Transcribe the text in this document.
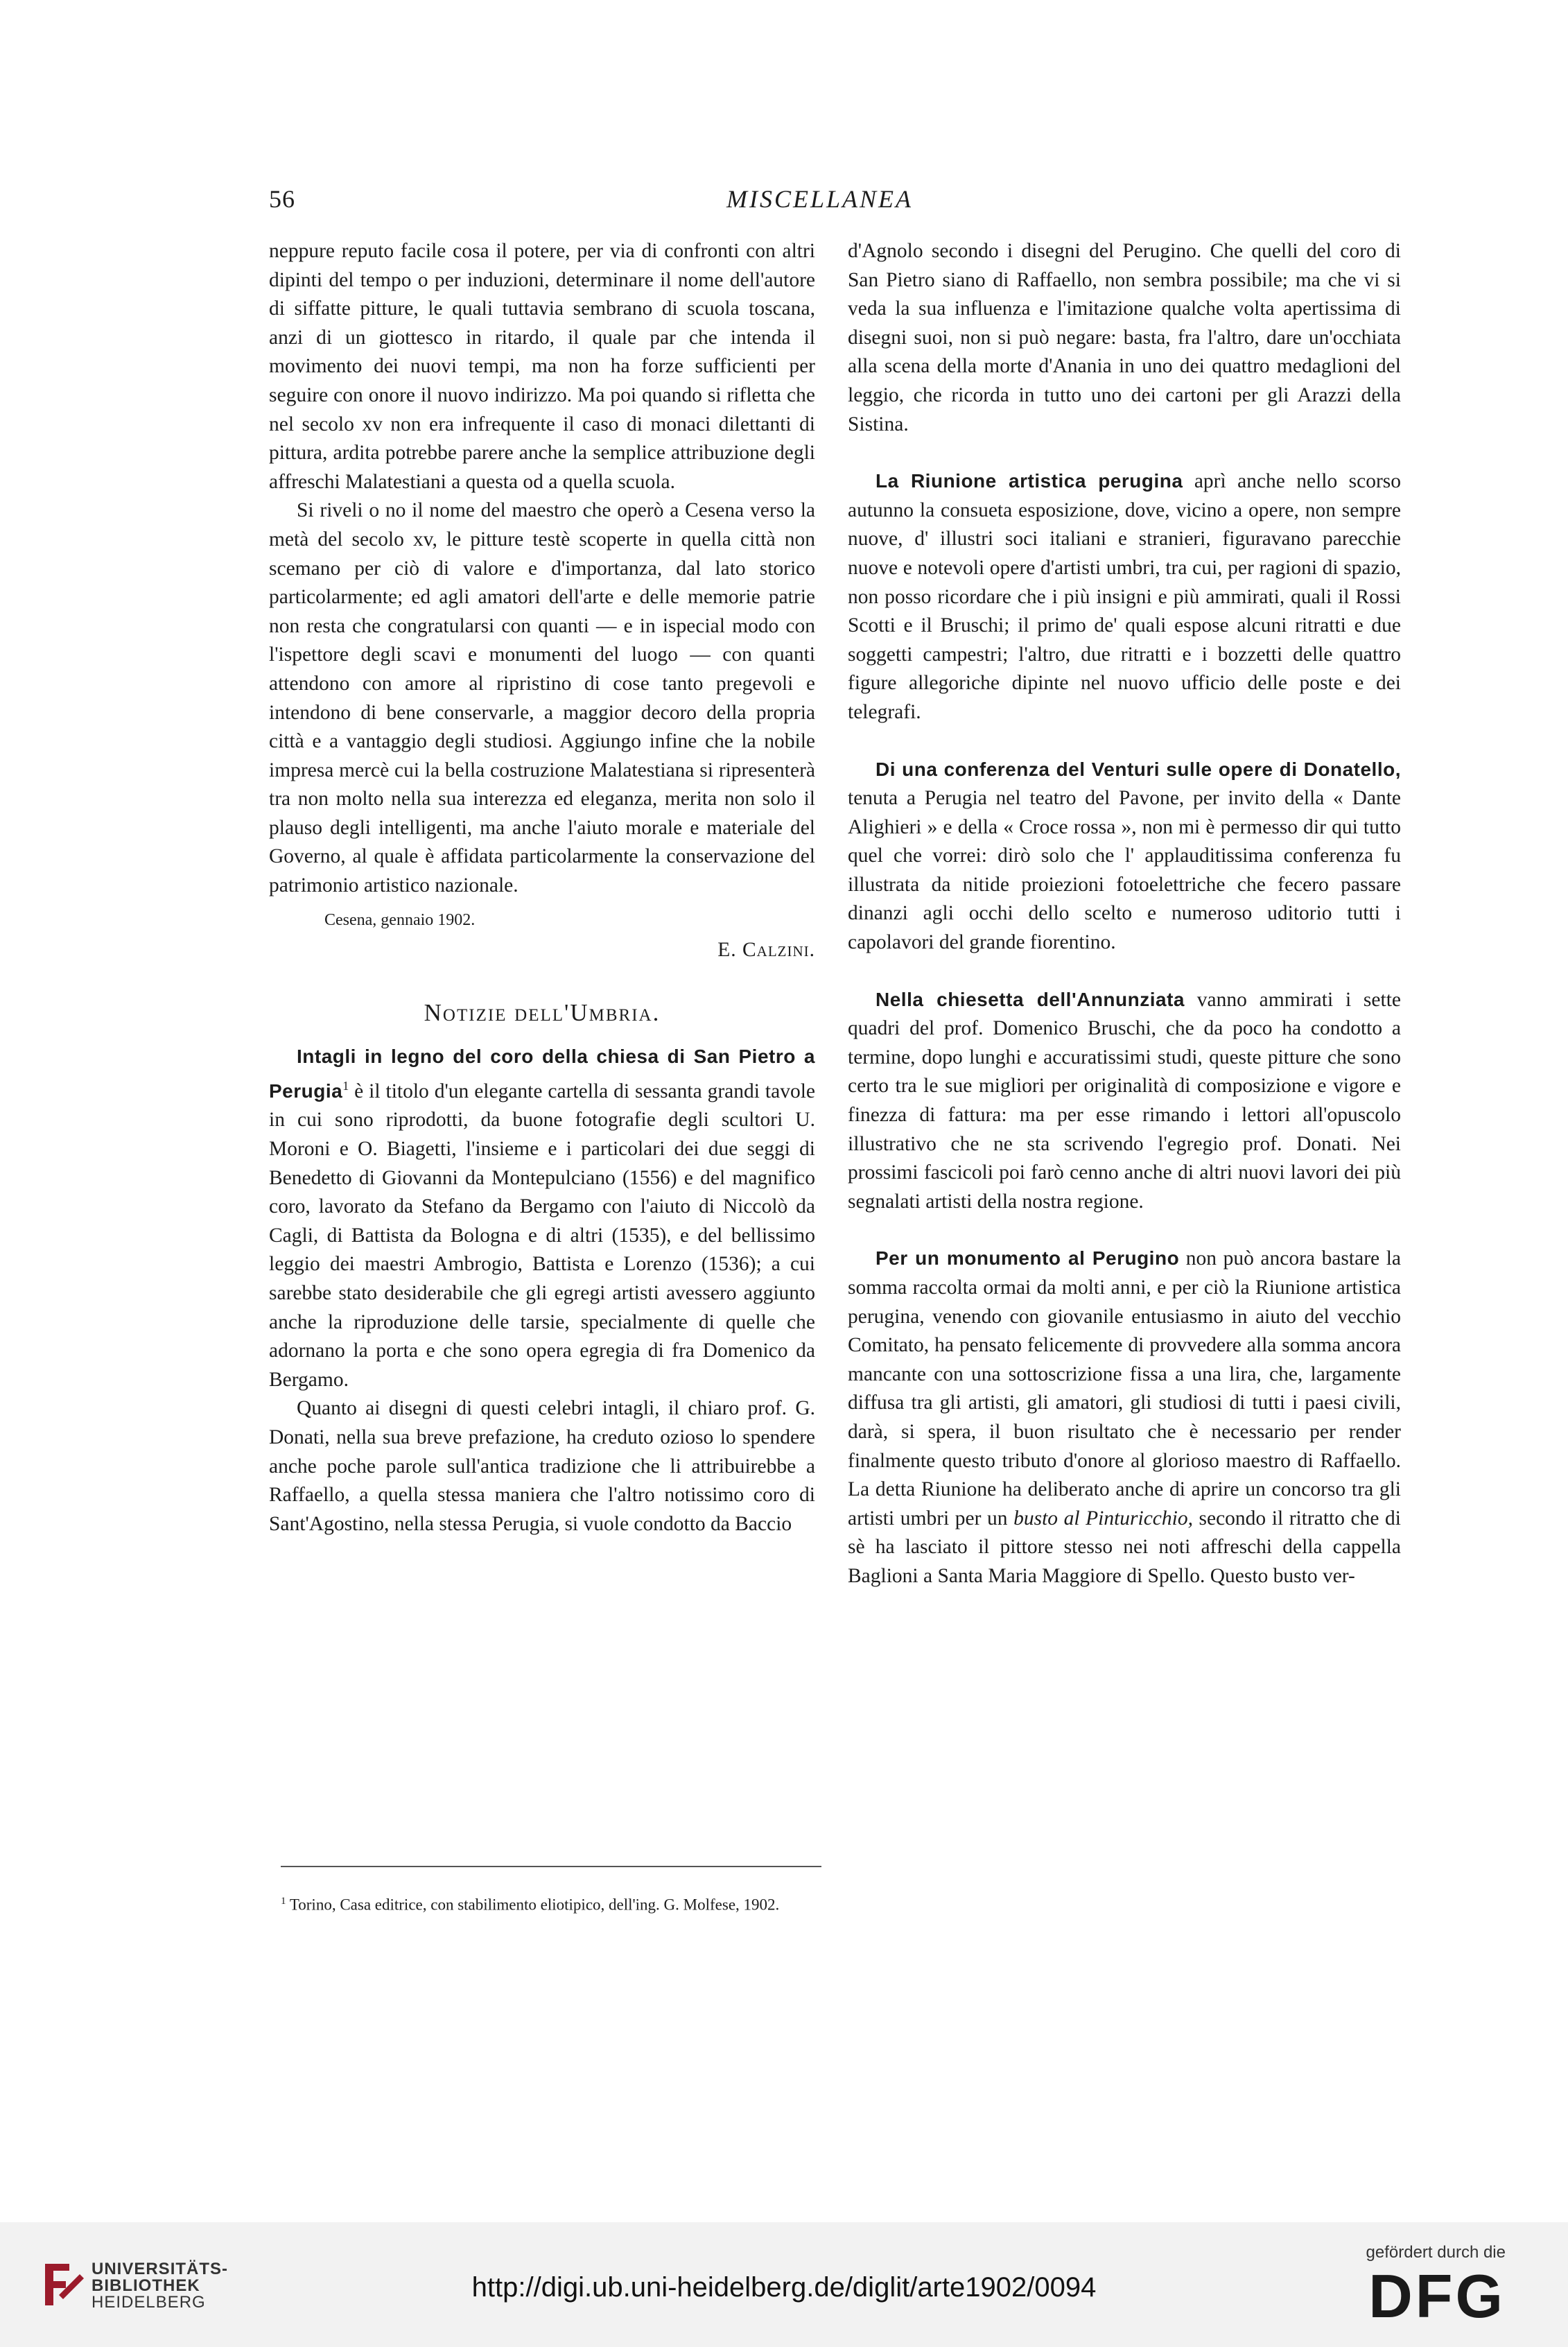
56	MISCELLANEA

neppure reputo facile cosa il potere, per via di confronti con altri dipinti del tempo o per induzioni, determinare il nome dell'autore di siffatte pitture, le quali tuttavia sembrano di scuola toscana, anzi di un giottesco in ritardo, il quale par che intenda il movimento dei nuovi tempi, ma non ha forze sufficienti per seguire con onore il nuovo indirizzo. Ma poi quando si rifletta che nel secolo xv non era infrequente il caso di monaci dilettanti di pittura, ardita potrebbe parere anche la semplice attribuzione degli affreschi Malatestiani a questa od a quella scuola.

Si riveli o no il nome del maestro che operò a Cesena verso la metà del secolo xv, le pitture testè scoperte in quella città non scemano per ciò di valore e d'importanza, dal lato storico particolarmente; ed agli amatori dell'arte e delle memorie patrie non resta che congratularsi con quanti — e in ispecial modo con l'ispettore degli scavi e monumenti del luogo — con quanti attendono con amore al ripristino di cose tanto pregevoli e intendono di bene conservarle, a maggior decoro della propria città e a vantaggio degli studiosi. Aggiungo infine che la nobile impresa mercè cui la bella costruzione Malatestiana si ripresenterà tra non molto nella sua interezza ed eleganza, merita non solo il plauso degli intelligenti, ma anche l'aiuto morale e materiale del Governo, al quale è affidata particolarmente la conservazione del patrimonio artistico nazionale.

Cesena, gennaio 1902.

E. Calzini.

Notizie dell'Umbria.

Intagli in legno del coro della chiesa di San Pietro a Perugia$^1$ è il titolo d'un elegante cartella di sessanta grandi tavole in cui sono riprodotti, da buone fotografie degli scultori U. Moroni e O. Biagetti, l'insieme e i particolari dei due seggi di Benedetto di Giovanni da Montepulciano (1556) e del magnifico coro, lavorato da Stefano da Bergamo con l'aiuto di Niccolò da Cagli, di Battista da Bologna e di altri (1535), e del bellissimo leggio dei maestri Ambrogio, Battista e Lorenzo (1536); a cui sarebbe stato desiderabile che gli egregi artisti avessero aggiunto anche la riproduzione delle tarsie, specialmente di quelle che adornano la porta e che sono opera egregia di fra Domenico da Bergamo.

Quanto ai disegni di questi celebri intagli, il chiaro prof. G. Donati, nella sua breve prefazione, ha creduto ozioso lo spendere anche poche parole sull'antica tradizione che li attribuirebbe a Raffaello, a quella stessa maniera che l'altro notissimo coro di Sant'Agostino, nella stessa Perugia, si vuole condotto da Baccio

d'Agnolo secondo i disegni del Perugino. Che quelli del coro di San Pietro siano di Raffaello, non sembra possibile; ma che vi si veda la sua influenza e l'imitazione qualche volta apertissima di disegni suoi, non si può negare: basta, fra l'altro, dare un'occhiata alla scena della morte d'Anania in uno dei quattro medaglioni del leggio, che ricorda in tutto uno dei cartoni per gli Arazzi della Sistina.

La Riunione artistica perugina aprì anche nello scorso autunno la consueta esposizione, dove, vicino a opere, non sempre nuove, d' illustri soci italiani e stranieri, figuravano parecchie nuove e notevoli opere d'artisti umbri, tra cui, per ragioni di spazio, non posso ricordare che i più insigni e più ammirati, quali il Rossi Scotti e il Bruschi; il primo de' quali espose alcuni ritratti e due soggetti campestri; l'altro, due ritratti e i bozzetti delle quattro figure allegoriche dipinte nel nuovo ufficio delle poste e dei telegrafi.

Di una conferenza del Venturi sulle opere di Donatello, tenuta a Perugia nel teatro del Pavone, per invito della « Dante Alighieri » e della « Croce rossa », non mi è permesso dir qui tutto quel che vorrei: dirò solo che l' applauditissima conferenza fu illustrata da nitide proiezioni fotoelettriche che fecero passare dinanzi agli occhi dello scelto e numeroso uditorio tutti i capolavori del grande fiorentino.

Nella chiesetta dell'Annunziata vanno ammirati i sette quadri del prof. Domenico Bruschi, che da poco ha condotto a termine, dopo lunghi e accuratissimi studi, queste pitture che sono certo tra le sue migliori per originalità di composizione e vigore e finezza di fattura: ma per esse rimando i lettori all'opuscolo illustrativo che ne sta scrivendo l'egregio prof. Donati. Nei prossimi fascicoli poi farò cenno anche di altri nuovi lavori dei più segnalati artisti della nostra regione.

Per un monumento al Perugino non può ancora bastare la somma raccolta ormai da molti anni, e per ciò la Riunione artistica perugina, venendo con giovanile entusiasmo in aiuto del vecchio Comitato, ha pensato felicemente di provvedere alla somma ancora mancante con una sottoscrizione fissa a una lira, che, largamente diffusa tra gli artisti, gli amatori, gli studiosi di tutti i paesi civili, darà, si spera, il buon risultato che è necessario per render finalmente questo tributo d'onore al glorioso maestro di Raffaello. La detta Riunione ha deliberato anche di aprire un concorso tra gli artisti umbri per un busto al Pinturicchio, secondo il ritratto che di sè ha lasciato il pittore stesso nei noti affreschi della cappella Baglioni a Santa Maria Maggiore di Spello. Questo busto ver-

$^1$ Torino, Casa editrice, con stabilimento eliotipico, dell'ing. G. Molfese, 1902.
UNIVERSITÄTS-
BIBLIOTHEK
HEIDELBERG	http://digi.ub.uni-heidelberg.de/diglit/arte1902/0094
gefördert durch die
DFG
